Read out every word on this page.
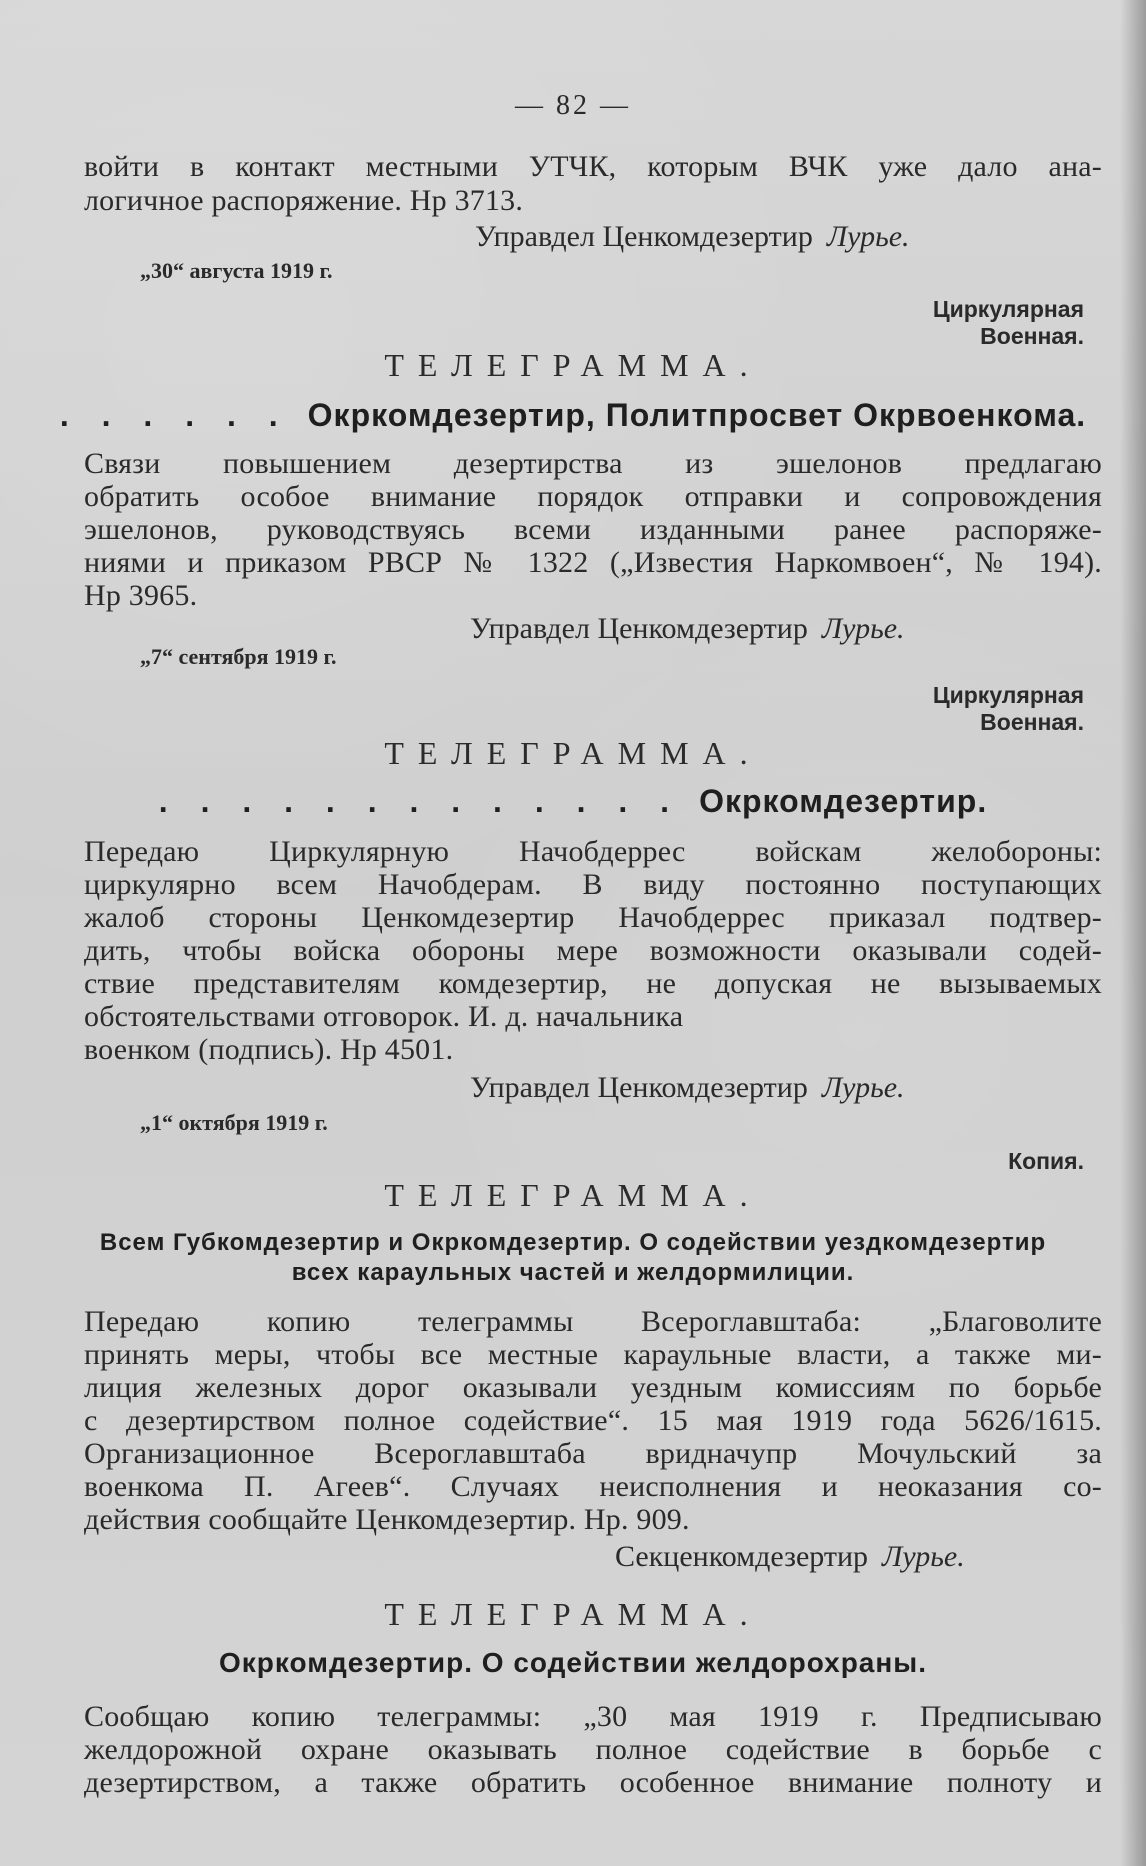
— 82 —
войти в контакт местными УТЧК, которым ВЧК уже дало ана-
логичное распоряжение. Нр 3713.
Управдел Ценкомдезертир Лурье.
„30“ августа 1919 г.
Циркулярная
Военная.
ТЕЛЕГРАММА.
. . . . . . Окркомдезертир, Политпросвет Окрвоенкома.
Связи повышением дезертирства из эшелонов предлагаю
обратить особое внимание порядок отправки и сопровождения
эшелонов, руководствуясь всеми изданными ранее распоряже-
ниями и приказом РВСР № 1322 („Известия Наркомвоен“, № 194).
Нр 3965.
Управдел Ценкомдезертир Лурье.
„7“ сентября 1919 г.
Циркулярная
Военная.
ТЕЛЕГРАММА.
. . . . . . . . . . . . . Окркомдезертир.
Передаю Циркулярную Начобдеррес войскам желобороны:
циркулярно всем Начобдерам. В виду постоянно поступающих
жалоб стороны Ценкомдезертир Начобдеррес приказал подтвер-
дить, чтобы войска обороны мере возможности оказывали содей-
ствие представителям комдезертир, не допуская не вызываемых
обстоятельствами отговорок. И. д. начальника
военком (подпись). Нр 4501.
Управдел Ценкомдезертир Лурье.
„1“ октября 1919 г.
Копия.
ТЕЛЕГРАММА.
Всем Губкомдезертир и Окркомдезертир. О содействии уездкомдезертир
всех караульных частей и желдормилиции.
Передаю копию телеграммы Всероглавштаба: „Благоволите
принять меры, чтобы все местные караульные власти, а также ми-
лиция железных дорог оказывали уездным комиссиям по борьбе
с дезертирством полное содействие“. 15 мая 1919 года 5626/1615.
Организационное Всероглавштаба вридначупр Мочульский за
военкома П. Агеев“. Случаях неисполнения и неоказания со-
действия сообщайте Ценкомдезертир. Нр. 909.
Секценкомдезертир Лурье.
ТЕЛЕГРАММА.
Окркомдезертир. О содействии желдорохраны.
Сообщаю копию телеграммы: „30 мая 1919 г. Предписываю
желдорожной охране оказывать полное содействие в борьбе с
дезертирством, а также обратить особенное внимание полноту и
